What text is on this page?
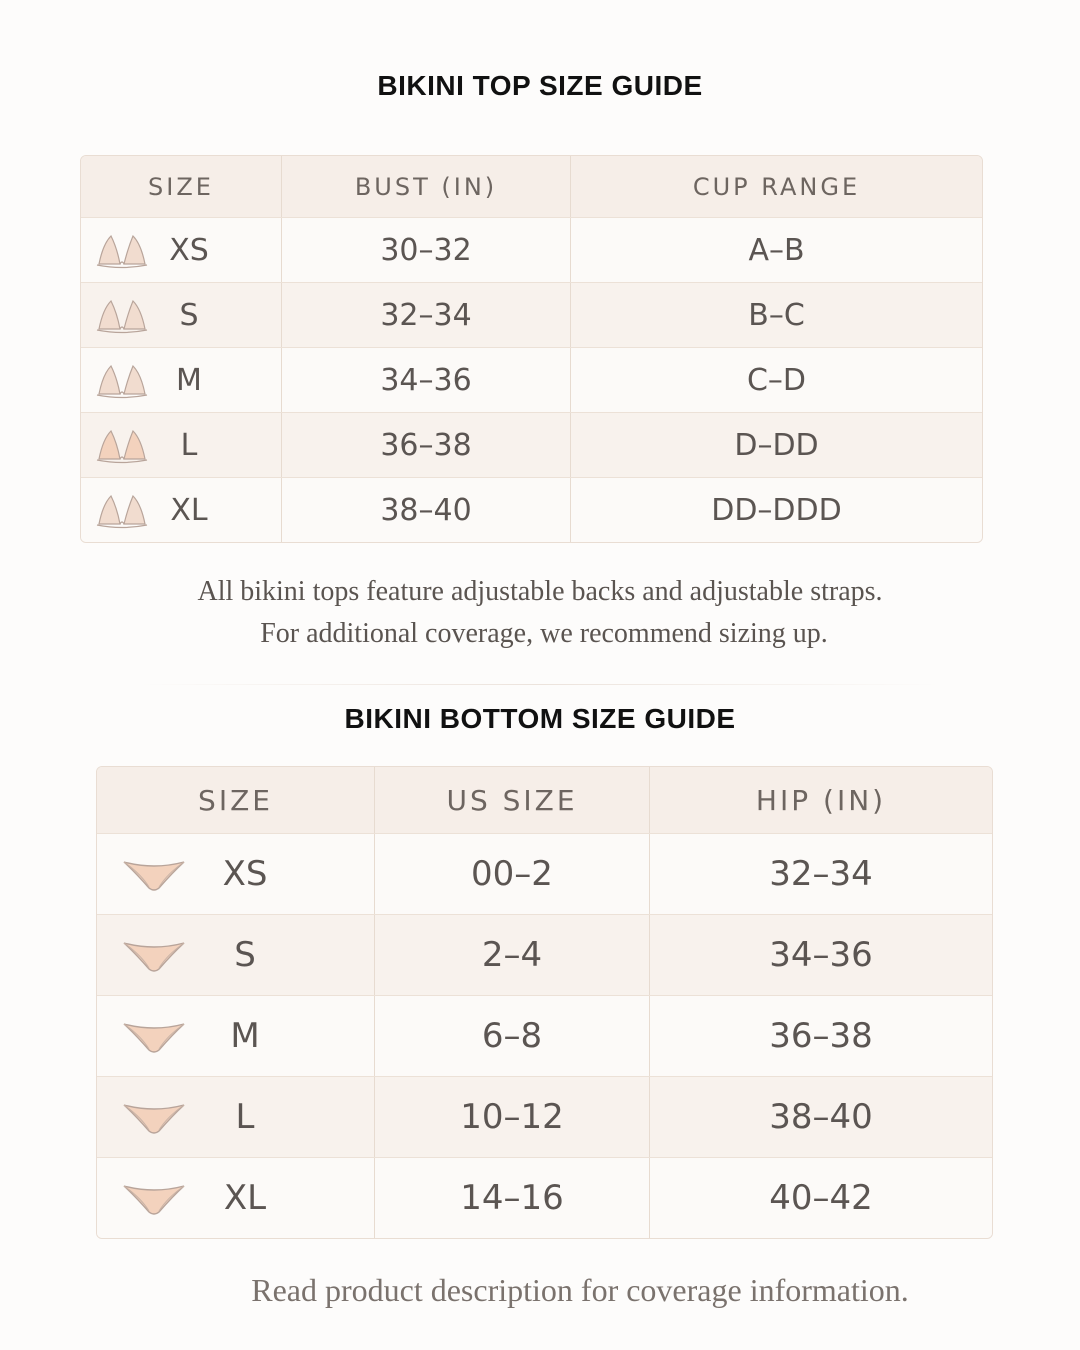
BIKINI TOP SIZE GUIDE
SIZE	BUST (IN)	CUP RANGE
XS	30–32	A–B
S	32–34	B–C
M	34–36	C–D
L	36–38	D–DD
XL	38–40	DD–DDD
All bikini tops feature adjustable backs and adjustable straps.
For additional coverage, we recommend sizing up.
BIKINI BOTTOM SIZE GUIDE
SIZE	US SIZE	HIP (IN)
XS	00–2	32–34
S	2–4	34–36
M	6–8	36–38
L	10–12	38–40
XL	14–16	40–42
Read product description for coverage information.
